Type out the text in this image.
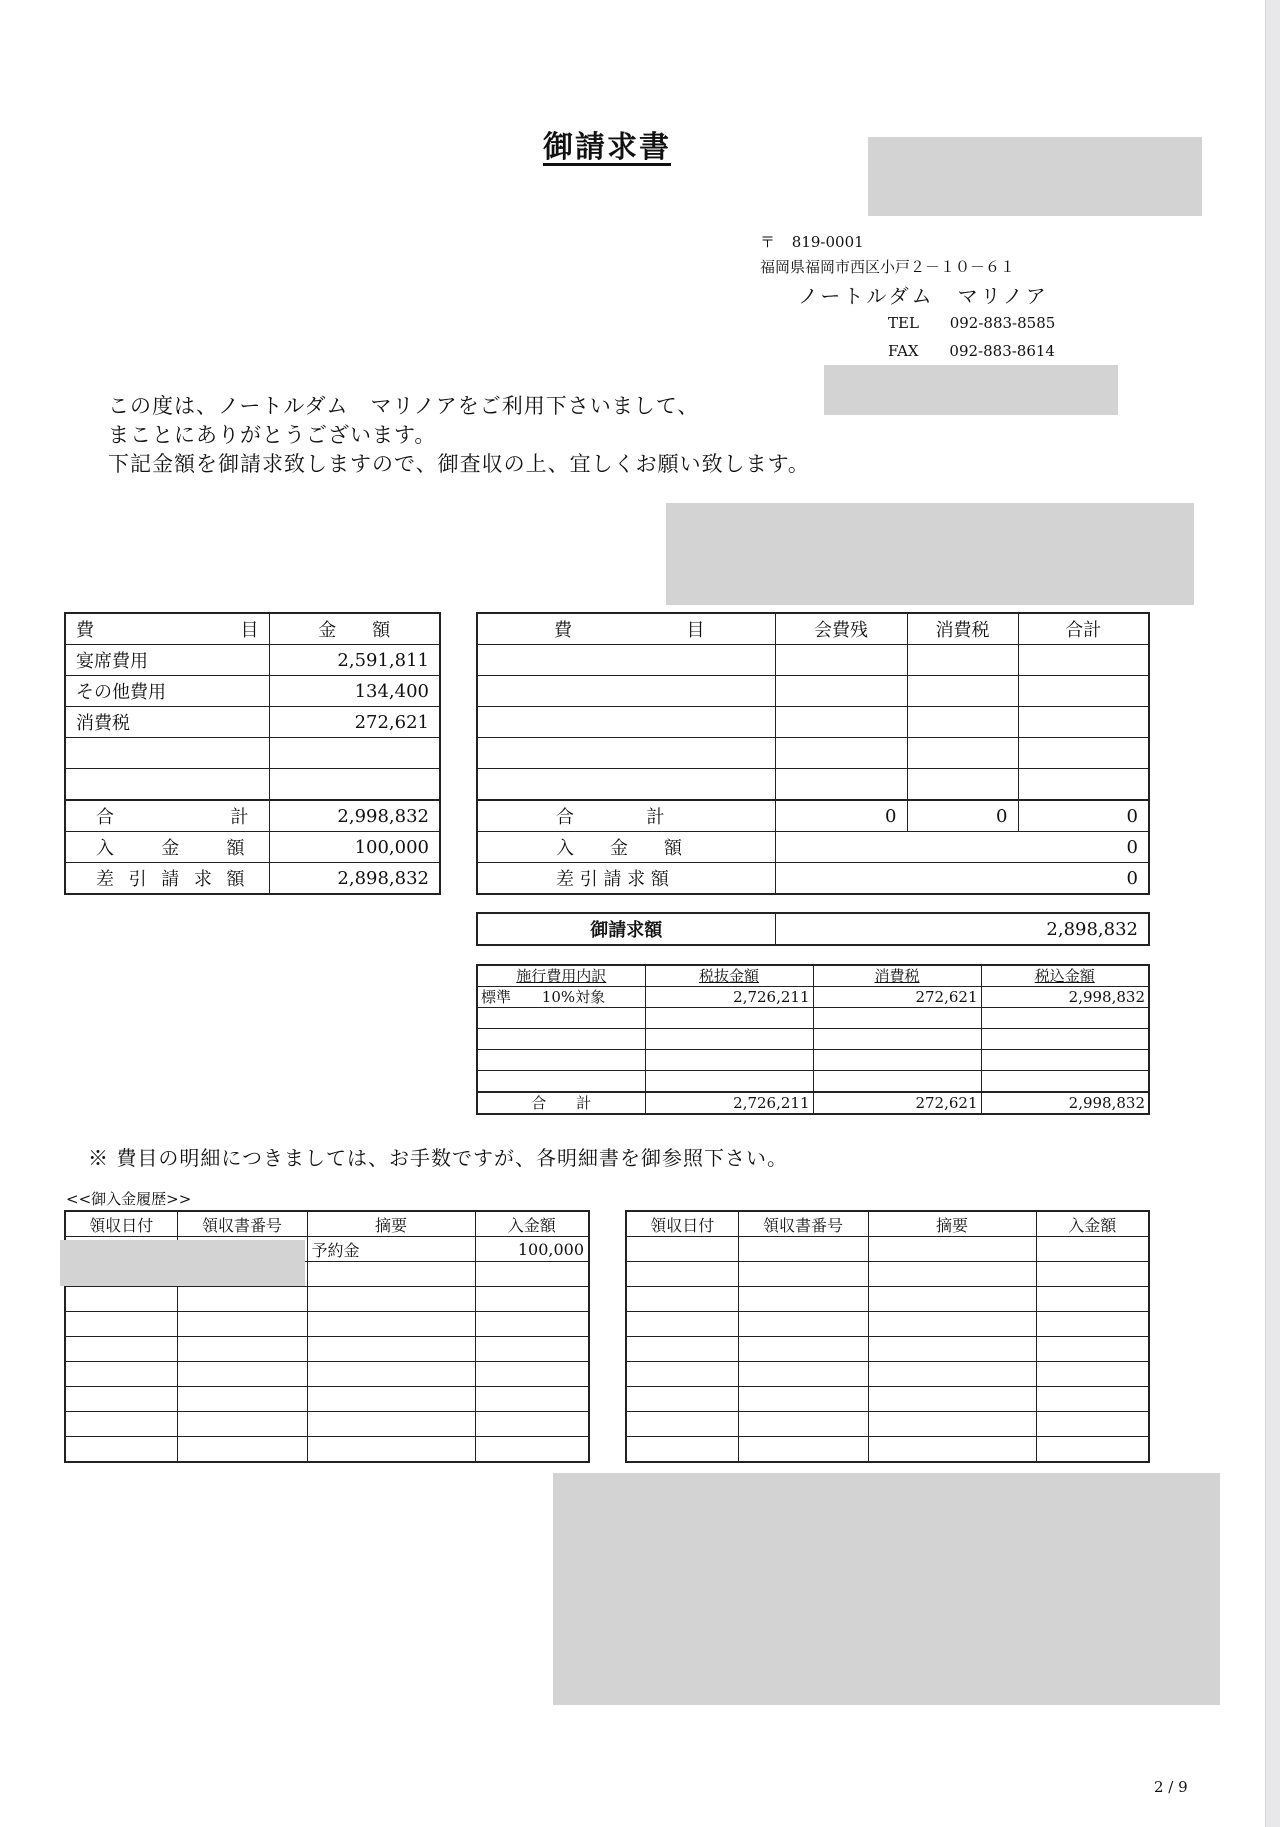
御請求書
〒 819-0001
福岡県福岡市西区小戸２－１０－６１
ノートルダム　マリノア
TEL 092-883-8585
FAX 092-883-8614
この度は、ノートルダム　マリノアをご利用下さいまして、
まことにありがとうございます。
下記金額を御請求致しますので、御査収の上、宜しくお願い致します。
費　　　　目	金　　額
宴席費用	2,591,811
その他費用	134,400
消費税	272,621

合　　　　計	2,998,832
入　　金　　額	100,000
差 引 請 求 額	2,898,832
費　　　　目	会費残	消費税	合計

合　　　　計	0	0	0
入　　金　　額	0		
差 引 請 求 額	0		
御請求額	2,898,832
施行費用内訳	税抜金額	消費税	税込金額
標準 10%対象	2,726,211	272,621	2,998,832

合　　計	2,726,211	272,621	2,998,832
※ 費目の明細につきましては、お手数ですが、各明細書を御参照下さい。
<<御入金履歴>>
領収日付	領収書番号	摘要	入金額
		予約金	100,000

領収日付	領収書番号	摘要	入金額

2 / 9
